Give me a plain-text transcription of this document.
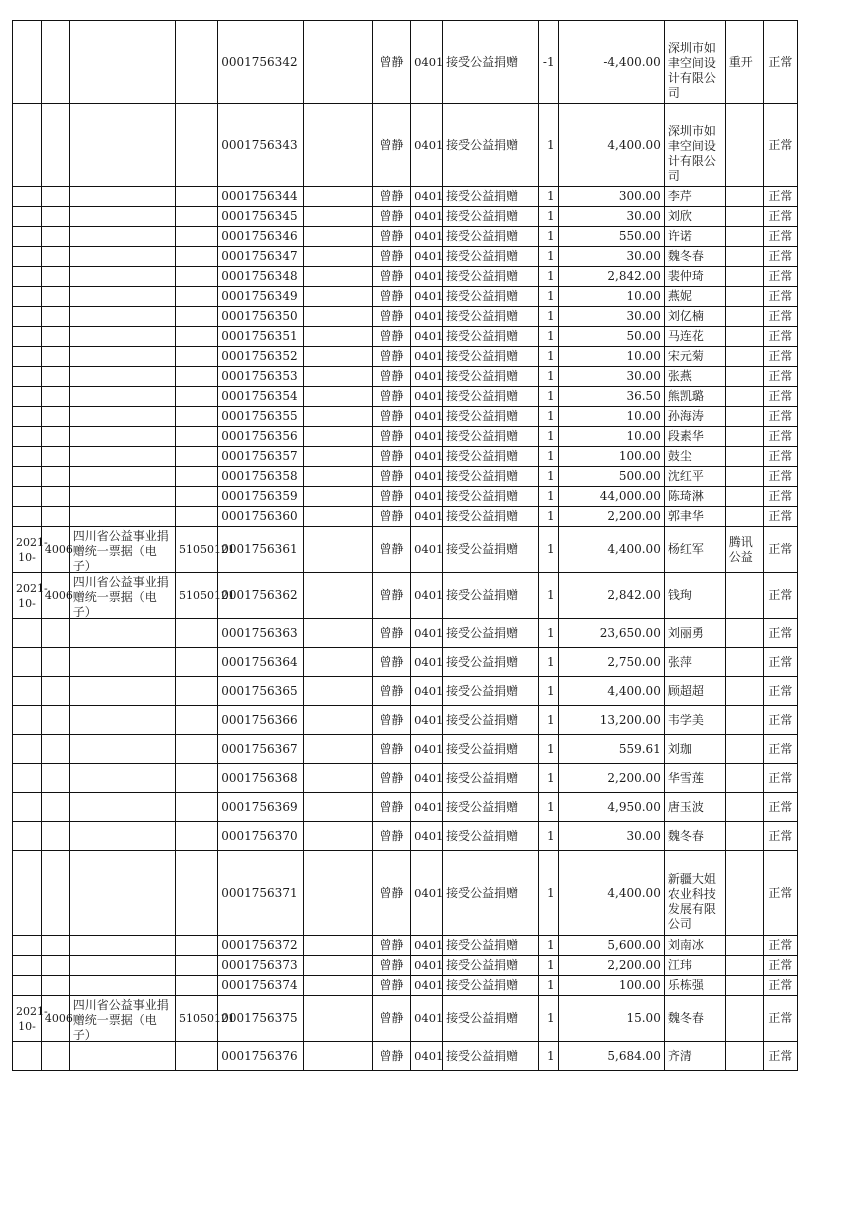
				0001756342		曾静	0401	接受公益捐赠	-1	-4,400.00	深圳市如聿空间设计有限公司	重开	正常

				0001756343		曾静	0401	接受公益捐赠	1	4,400.00	深圳市如聿空间设计有限公司		正常

				0001756344		曾静	0401	接受公益捐赠	1	300.00	李芹		正常

				0001756345		曾静	0401	接受公益捐赠	1	30.00	刘欣		正常

				0001756346		曾静	0401	接受公益捐赠	1	550.00	许诺		正常

				0001756347		曾静	0401	接受公益捐赠	1	30.00	魏冬春		正常

				0001756348		曾静	0401	接受公益捐赠	1	2,842.00	裴仲琦		正常

				0001756349		曾静	0401	接受公益捐赠	1	10.00	燕妮		正常

				0001756350		曾静	0401	接受公益捐赠	1	30.00	刘亿楠		正常

				0001756351		曾静	0401	接受公益捐赠	1	50.00	马连花		正常

				0001756352		曾静	0401	接受公益捐赠	1	10.00	宋元菊		正常

				0001756353		曾静	0401	接受公益捐赠	1	30.00	张燕		正常

				0001756354		曾静	0401	接受公益捐赠	1	36.50	熊凯璐		正常

				0001756355		曾静	0401	接受公益捐赠	1	10.00	孙海涛		正常

				0001756356		曾静	0401	接受公益捐赠	1	10.00	段素华		正常

				0001756357		曾静	0401	接受公益捐赠	1	100.00	鼓尘		正常

				0001756358		曾静	0401	接受公益捐赠	1	500.00	沈红平		正常

				0001756359		曾静	0401	接受公益捐赠	1	44,000.00	陈琦淋		正常

				0001756360		曾静	0401	接受公益捐赠	1	2,200.00	郭聿华		正常

2021-10-	4006	四川省公益事业捐赠统一票据（电子）	51050121	0001756361		曾静	0401	接受公益捐赠	1	4,400.00	杨红军	腾讯公益	正常

2021-10-	4006	四川省公益事业捐赠统一票据（电子）	51050121	0001756362		曾静	0401	接受公益捐赠	1	2,842.00	钱珣		正常

				0001756363		曾静	0401	接受公益捐赠	1	23,650.00	刘丽勇		正常

				0001756364		曾静	0401	接受公益捐赠	1	2,750.00	张萍		正常

				0001756365		曾静	0401	接受公益捐赠	1	4,400.00	顾超超		正常

				0001756366		曾静	0401	接受公益捐赠	1	13,200.00	韦学美		正常

				0001756367		曾静	0401	接受公益捐赠	1	559.61	刘珈		正常

				0001756368		曾静	0401	接受公益捐赠	1	2,200.00	华雪莲		正常

				0001756369		曾静	0401	接受公益捐赠	1	4,950.00	唐玉波		正常

				0001756370		曾静	0401	接受公益捐赠	1	30.00	魏冬春		正常

				0001756371		曾静	0401	接受公益捐赠	1	4,400.00	新疆大姐农业科技发展有限公司		正常

				0001756372		曾静	0401	接受公益捐赠	1	5,600.00	刘南冰		正常

				0001756373		曾静	0401	接受公益捐赠	1	2,200.00	江玮		正常

				0001756374		曾静	0401	接受公益捐赠	1	100.00	乐栋强		正常

2021-10-	4006	四川省公益事业捐赠统一票据（电子）	51050121	0001756375		曾静	0401	接受公益捐赠	1	15.00	魏冬春		正常

				0001756376		曾静	0401	接受公益捐赠	1	5,684.00	齐清		正常
